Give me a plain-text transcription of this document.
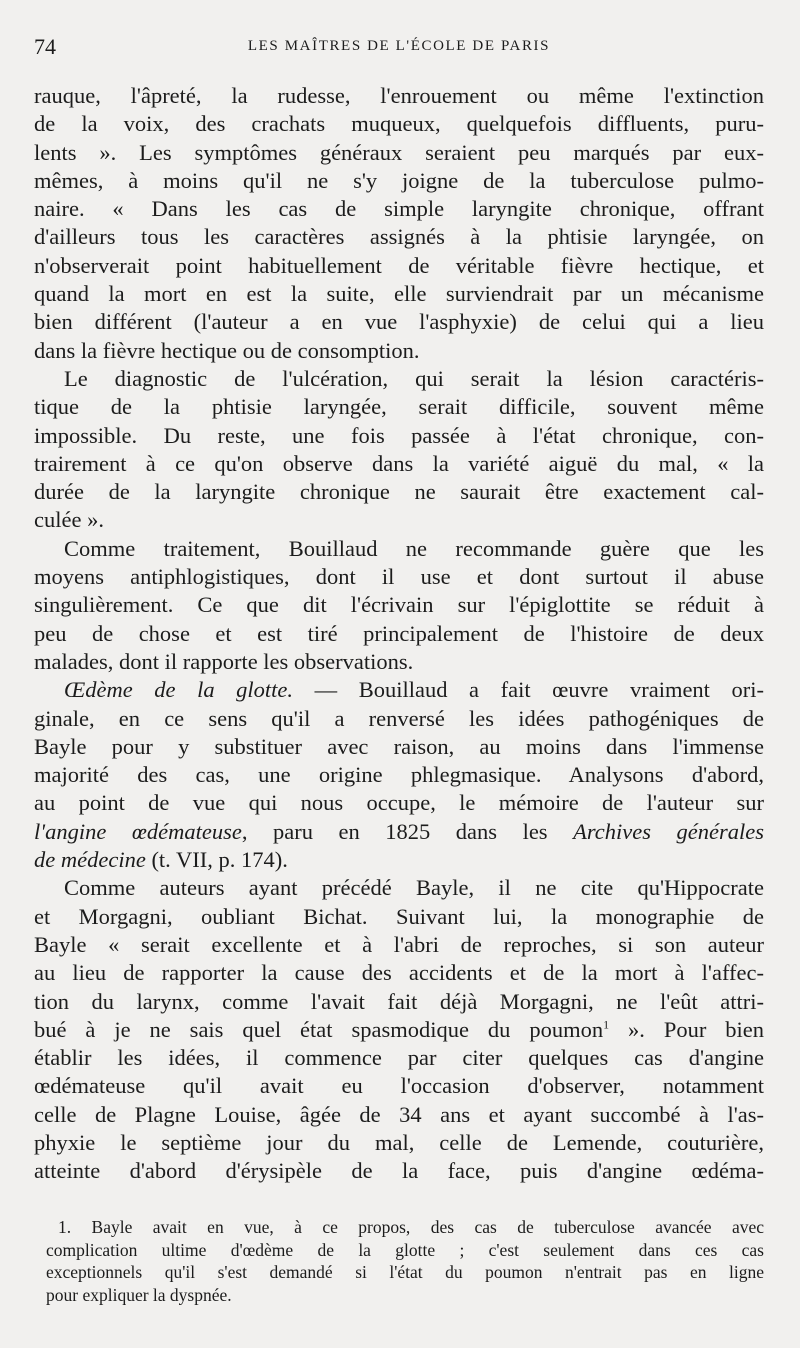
74	LES MAÎTRES DE L'ÉCOLE DE PARIS
rauque, l'âpreté, la rudesse, l'enrouement ou même l'extinction
de la voix, des crachats muqueux, quelquefois diffluents, puru-
lents ». Les symptômes généraux seraient peu marqués par eux-
mêmes, à moins qu'il ne s'y joigne de la tuberculose pulmo-
naire. « Dans les cas de simple laryngite chronique, offrant
d'ailleurs tous les caractères assignés à la phtisie laryngée, on
n'observerait point habituellement de véritable fièvre hectique, et
quand la mort en est la suite, elle surviendrait par un mécanisme
bien différent (l'auteur a en vue l'asphyxie) de celui qui a lieu
dans la fièvre hectique ou de consomption.
Le diagnostic de l'ulcération, qui serait la lésion caractéris-
tique de la phtisie laryngée, serait difficile, souvent même
impossible. Du reste, une fois passée à l'état chronique, con-
trairement à ce qu'on observe dans la variété aiguë du mal, « la
durée de la laryngite chronique ne saurait être exactement cal-
culée ».
Comme traitement, Bouillaud ne recommande guère que les
moyens antiphlogistiques, dont il use et dont surtout il abuse
singulièrement. Ce que dit l'écrivain sur l'épiglottite se réduit à
peu de chose et est tiré principalement de l'histoire de deux
malades, dont il rapporte les observations.
Œdème de la glotte. — Bouillaud a fait œuvre vraiment ori-
ginale, en ce sens qu'il a renversé les idées pathogéniques de
Bayle pour y substituer avec raison, au moins dans l'immense
majorité des cas, une origine phlegmasique. Analysons d'abord,
au point de vue qui nous occupe, le mémoire de l'auteur sur
l'angine œdémateuse, paru en 1825 dans les Archives générales
de médecine (t. VII, p. 174).
Comme auteurs ayant précédé Bayle, il ne cite qu'Hippocrate
et Morgagni, oubliant Bichat. Suivant lui, la monographie de
Bayle « serait excellente et à l'abri de reproches, si son auteur
au lieu de rapporter la cause des accidents et de la mort à l'affec-
tion du larynx, comme l'avait fait déjà Morgagni, ne l'eût attri-
bué à je ne sais quel état spasmodique du poumon$^1$ ». Pour bien
établir les idées, il commence par citer quelques cas d'angine
œdémateuse qu'il avait eu l'occasion d'observer, notamment
celle de Plagne Louise, âgée de 34 ans et ayant succombé à l'as-
phyxie le septième jour du mal, celle de Lemende, couturière,
atteinte d'abord d'érysipèle de la face, puis d'angine œdéma-
1. Bayle avait en vue, à ce propos, des cas de tuberculose avancée avec
complication ultime d'œdème de la glotte ; c'est seulement dans ces cas
exceptionnels qu'il s'est demandé si l'état du poumon n'entrait pas en ligne
pour expliquer la dyspnée.
